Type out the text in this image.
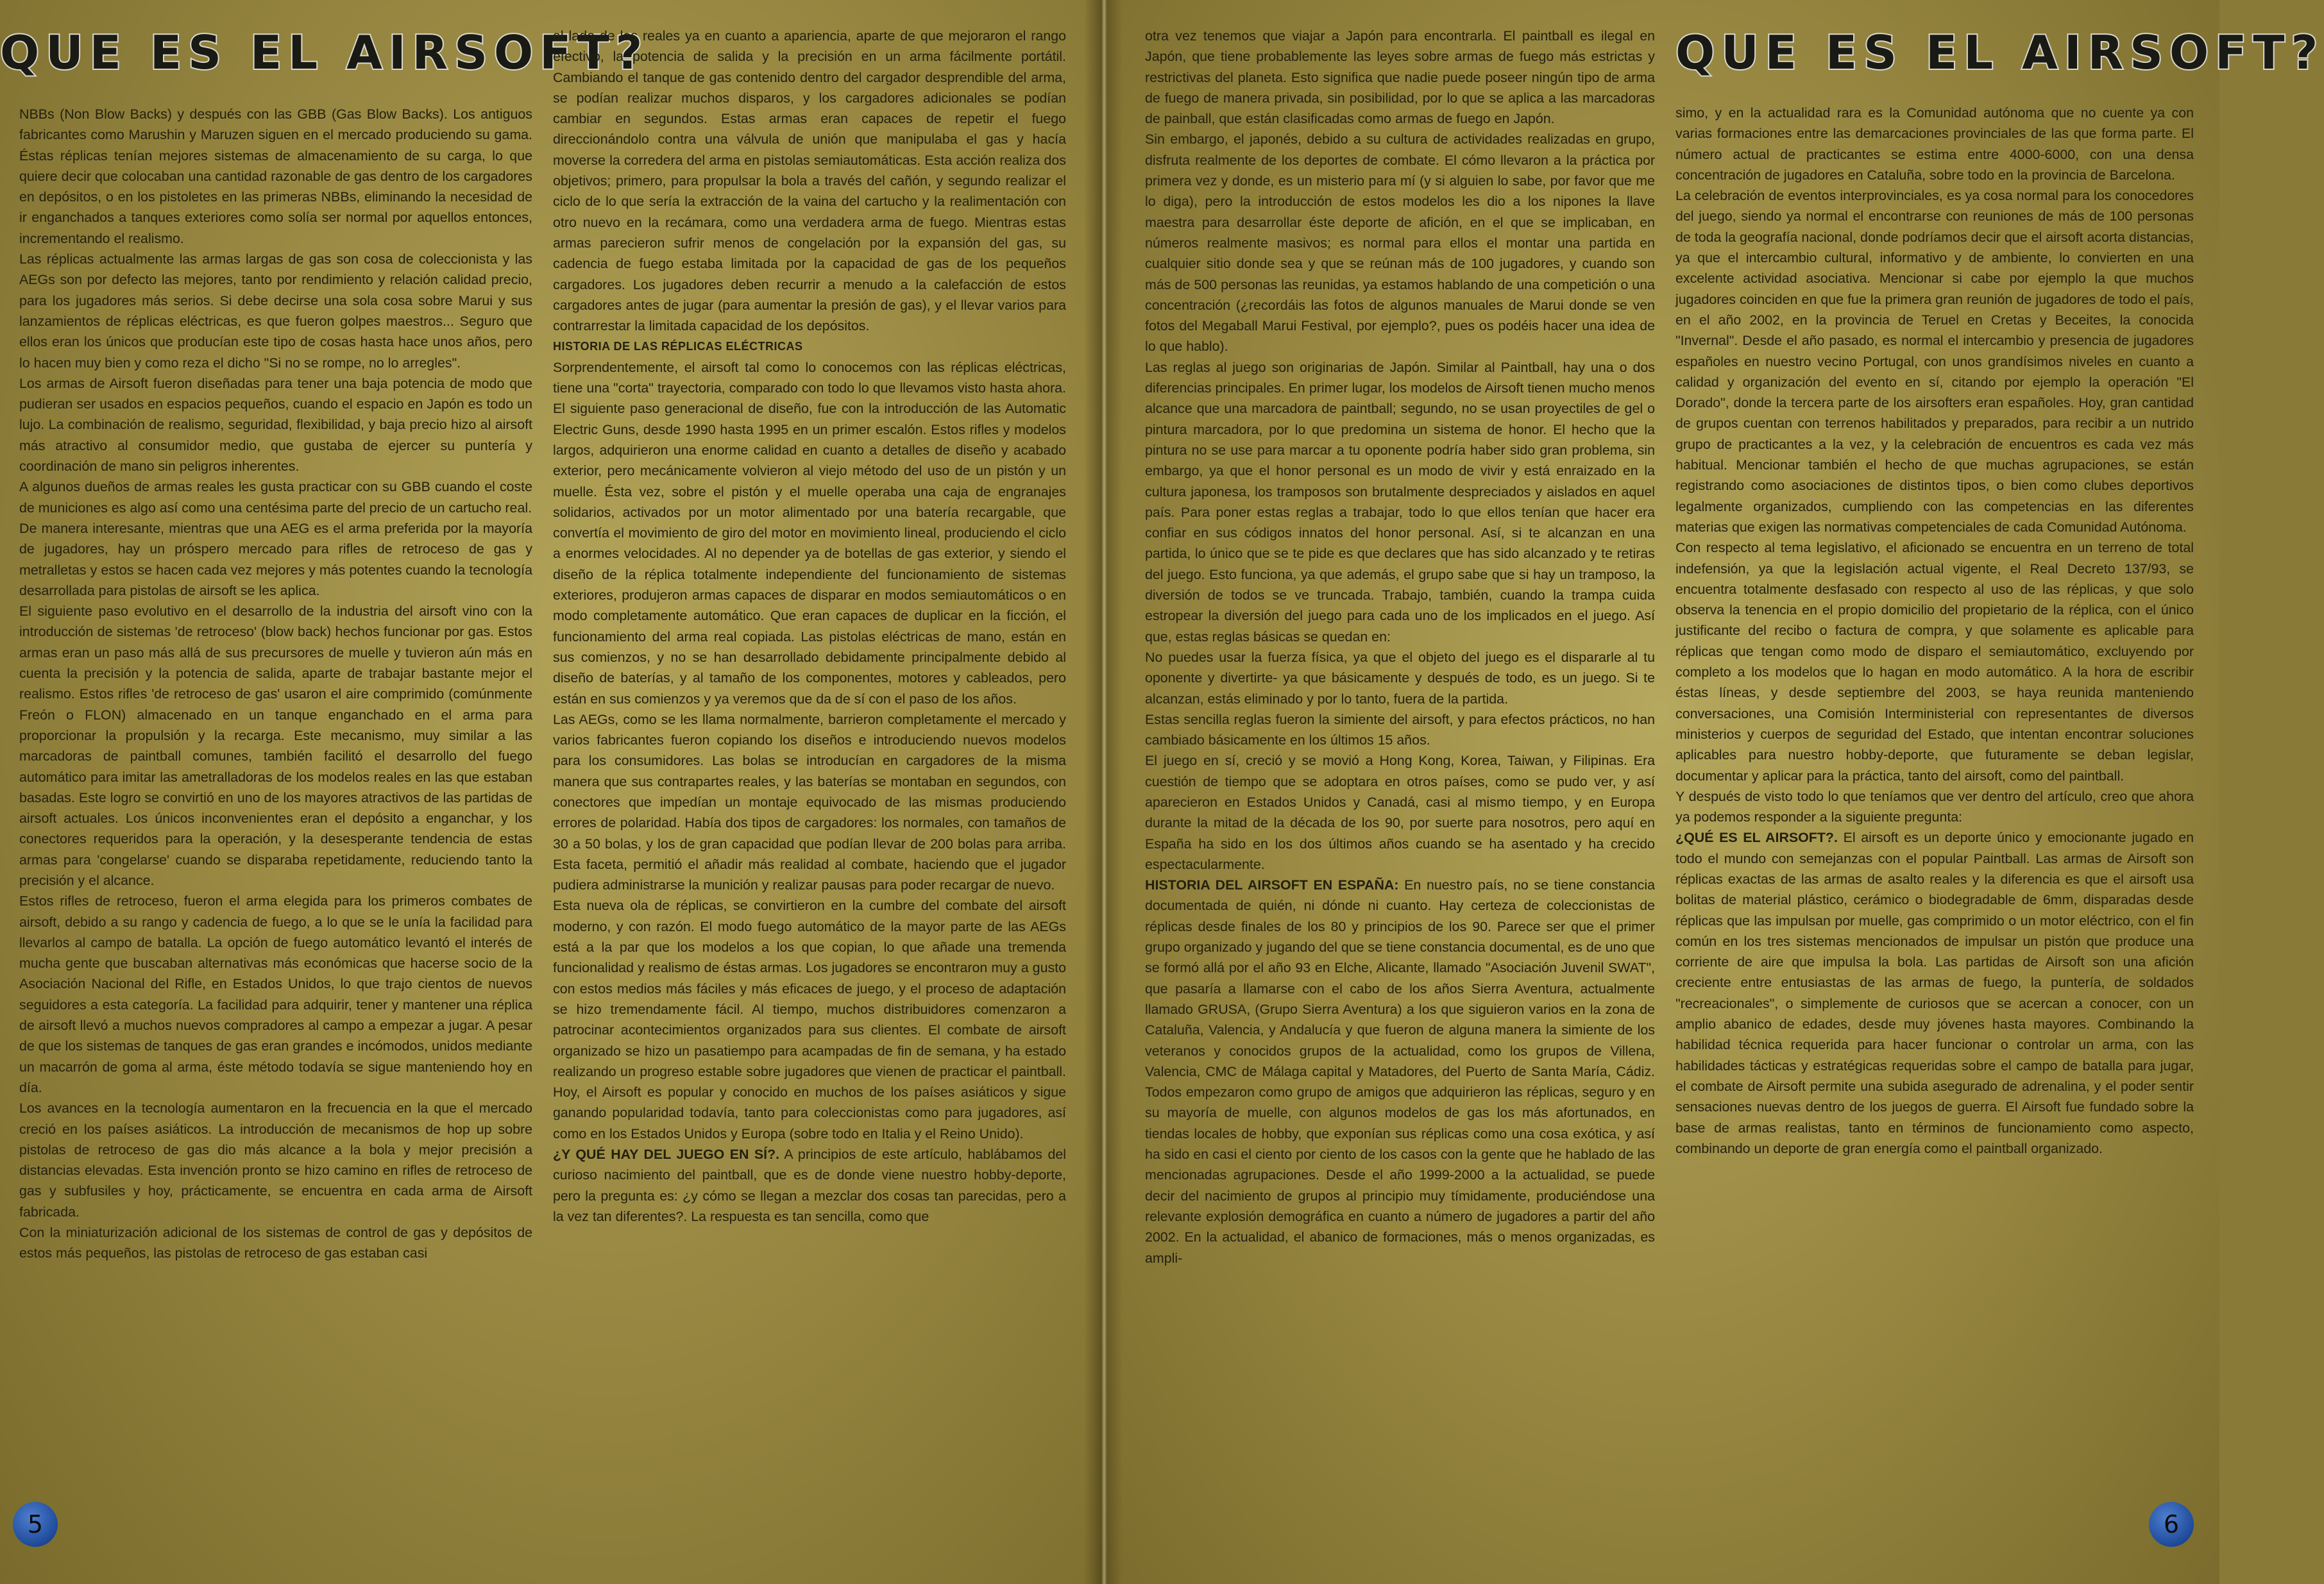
QUE ES EL AIRSOFT?

NBBs (Non Blow Backs) y después con las GBB (Gas Blow Backs). Los antiguos fabricantes como Marushin y Maruzen siguen en el mercado produciendo su gama. Éstas réplicas tenían mejores sistemas de almacenamiento de su carga, lo que quiere decir que colocaban una cantidad razonable de gas dentro de los cargadores en depósitos, o en los pistoletes en las primeras NBBs, eliminando la necesidad de ir enganchados a tanques exteriores como solía ser normal por aquellos entonces, incrementando el realismo.

Las réplicas actualmente las armas largas de gas son cosa de coleccionista y las AEGs son por defecto las mejores, tanto por rendimiento y relación calidad precio, para los jugadores más serios. Si debe decirse una sola cosa sobre Marui y sus lanzamientos de réplicas eléctricas, es que fueron golpes maestros... Seguro que ellos eran los únicos que producían este tipo de cosas hasta hace unos años, pero lo hacen muy bien y como reza el dicho "Si no se rompe, no lo arregles".

Los armas de Airsoft fueron diseñadas para tener una baja potencia de modo que pudieran ser usados en espacios pequeños, cuando el espacio en Japón es todo un lujo. La combinación de realismo, seguridad, flexibilidad, y baja precio hizo al airsoft más atractivo al consumidor medio, que gustaba de ejercer su puntería y coordinación de mano sin peligros inherentes.

A algunos dueños de armas reales les gusta practicar con su GBB cuando el coste de municiones es algo así como una centésima parte del precio de un cartucho real.

De manera interesante, mientras que una AEG es el arma preferida por la mayoría de jugadores, hay un próspero mercado para rifles de retroceso de gas y metralletas y estos se hacen cada vez mejores y más potentes cuando la tecnología desarrollada para pistolas de airsoft se les aplica.

El siguiente paso evolutivo en el desarrollo de la industria del airsoft vino con la introducción de sistemas 'de retroceso' (blow back) hechos funcionar por gas. Estos armas eran un paso más allá de sus precursores de muelle y tuvieron aún más en cuenta la precisión y la potencia de salida, aparte de trabajar bastante mejor el realismo. Estos rifles 'de retroceso de gas' usaron el aire comprimido (comúnmente Freón o FLON) almacenado en un tanque enganchado en el arma para proporcionar la propulsión y la recarga. Este mecanismo, muy similar a las marcadoras de paintball comunes, también facilitó el desarrollo del fuego automático para imitar las ametralladoras de los modelos reales en las que estaban basadas. Este logro se convirtió en uno de los mayores atractivos de las partidas de airsoft actuales. Los únicos inconvenientes eran el depósito a enganchar, y los conectores requeridos para la operación, y la desesperante tendencia de estas armas para 'congelarse' cuando se disparaba repetidamente, reduciendo tanto la precisión y el alcance.

Estos rifles de retroceso, fueron el arma elegida para los primeros combates de airsoft, debido a su rango y cadencia de fuego, a lo que se le unía la facilidad para llevarlos al campo de batalla. La opción de fuego automático levantó el interés de mucha gente que buscaban alternativas más económicas que hacerse socio de la Asociación Nacional del Rifle, en Estados Unidos, lo que trajo cientos de nuevos seguidores a esta categoría. La facilidad para adquirir, tener y mantener una réplica de airsoft llevó a muchos nuevos compradores al campo a empezar a jugar. A pesar de que los sistemas de tanques de gas eran grandes e incómodos, unidos mediante un macarrón de goma al arma, éste método todavía se sigue manteniendo hoy en día.

Los avances en la tecnología aumentaron en la frecuencia en la que el mercado creció en los países asiáticos. La introducción de mecanismos de hop up sobre pistolas de retroceso de gas dio más alcance a la bola y mejor precisión a distancias elevadas. Esta invención pronto se hizo camino en rifles de retroceso de gas y subfusiles y hoy, prácticamente, se encuentra en cada arma de Airsoft fabricada.

Con la miniaturización adicional de los sistemas de control de gas y depósitos de estos más pequeños, las pistolas de retroceso de gas estaban casi

al lado de las reales ya en cuanto a apariencia, aparte de que mejoraron el rango efectivo, la potencia de salida y la precisión en un arma fácilmente portátil. Cambiando el tanque de gas contenido dentro del cargador desprendible del arma, se podían realizar muchos disparos, y los cargadores adicionales se podían cambiar en segundos. Estas armas eran capaces de repetir el fuego direccionándolo contra una válvula de unión que manipulaba el gas y hacía moverse la corredera del arma en pistolas semiautomáticas. Esta acción realiza dos objetivos; primero, para propulsar la bola a través del cañón, y segundo realizar el ciclo de lo que sería la extracción de la vaina del cartucho y la realimentación con otro nuevo en la recámara, como una verdadera arma de fuego. Mientras estas armas parecieron sufrir menos de congelación por la expansión del gas, su cadencia de fuego estaba limitada por la capacidad de gas de los pequeños cargadores. Los jugadores deben recurrir a menudo a la calefacción de estos cargadores antes de jugar (para aumentar la presión de gas), y el llevar varios para contrarrestar la limitada capacidad de los depósitos.

HISTORIA DE LAS RÉPLICAS ELÉCTRICAS

Sorprendentemente, el airsoft tal como lo conocemos con las réplicas eléctricas, tiene una "corta" trayectoria, comparado con todo lo que llevamos visto hasta ahora. El siguiente paso generacional de diseño, fue con la introducción de las Automatic Electric Guns, desde 1990 hasta 1995 en un primer escalón. Estos rifles y modelos largos, adquirieron una enorme calidad en cuanto a detalles de diseño y acabado exterior, pero mecánicamente volvieron al viejo método del uso de un pistón y un muelle. Ésta vez, sobre el pistón y el muelle operaba una caja de engranajes solidarios, activados por un motor alimentado por una batería recargable, que convertía el movimiento de giro del motor en movimiento lineal, produciendo el ciclo a enormes velocidades. Al no depender ya de botellas de gas exterior, y siendo el diseño de la réplica totalmente independiente del funcionamiento de sistemas exteriores, produjeron armas capaces de disparar en modos semiautomáticos o en modo completamente automático. Que eran capaces de duplicar en la ficción, el funcionamiento del arma real copiada. Las pistolas eléctricas de mano, están en sus comienzos, y no se han desarrollado debidamente principalmente debido al diseño de baterías, y al tamaño de los componentes, motores y cableados, pero están en sus comienzos y ya veremos que da de sí con el paso de los años.

Las AEGs, como se les llama normalmente, barrieron completamente el mercado y varios fabricantes fueron copiando los diseños e introduciendo nuevos modelos para los consumidores. Las bolas se introducían en cargadores de la misma manera que sus contrapartes reales, y las baterías se montaban en segundos, con conectores que impedían un montaje equivocado de las mismas produciendo errores de polaridad. Había dos tipos de cargadores: los normales, con tamaños de 30 a 50 bolas, y los de gran capacidad que podían llevar de 200 bolas para arriba. Esta faceta, permitió el añadir más realidad al combate, haciendo que el jugador pudiera administrarse la munición y realizar pausas para poder recargar de nuevo.

Esta nueva ola de réplicas, se convirtieron en la cumbre del combate del airsoft moderno, y con razón. El modo fuego automático de la mayor parte de las AEGs está a la par que los modelos a los que copian, lo que añade una tremenda funcionalidad y realismo de éstas armas. Los jugadores se encontraron muy a gusto con estos medios más fáciles y más eficaces de juego, y el proceso de adaptación se hizo tremendamente fácil. Al tiempo, muchos distribuidores comenzaron a patrocinar acontecimientos organizados para sus clientes. El combate de airsoft organizado se hizo un pasatiempo para acampadas de fin de semana, y ha estado realizando un progreso estable sobre jugadores que vienen de practicar el paintball. Hoy, el Airsoft es popular y conocido en muchos de los países asiáticos y sigue ganando popularidad todavía, tanto para coleccionistas como para jugadores, así como en los Estados Unidos y Europa (sobre todo en Italia y el Reino Unido).

¿Y QUÉ HAY DEL JUEGO EN SÍ?. A principios de este artículo, hablábamos del curioso nacimiento del paintball, que es de donde viene nuestro hobby-deporte, pero la pregunta es: ¿y cómo se llegan a mezclar dos cosas tan parecidas, pero a la vez tan diferentes?. La respuesta es tan sencilla, como que

5

otra vez tenemos que viajar a Japón para encontrarla. El paintball es ilegal en Japón, que tiene probablemente las leyes sobre armas de fuego más estrictas y restrictivas del planeta. Esto significa que nadie puede poseer ningún tipo de arma de fuego de manera privada, sin posibilidad, por lo que se aplica a las marcadoras de painball, que están clasificadas como armas de fuego en Japón.

Sin embargo, el japonés, debido a su cultura de actividades realizadas en grupo, disfruta realmente de los deportes de combate. El cómo llevaron a la práctica por primera vez y donde, es un misterio para mí (y si alguien lo sabe, por favor que me lo diga), pero la introducción de estos modelos les dio a los nipones la llave maestra para desarrollar éste deporte de afición, en el que se implicaban, en números realmente masivos; es normal para ellos el montar una partida en cualquier sitio donde sea y que se reúnan más de 100 jugadores, y cuando son más de 500 personas las reunidas, ya estamos hablando de una competición o una concentración (¿recordáis las fotos de algunos manuales de Marui donde se ven fotos del Megaball Marui Festival, por ejemplo?, pues os podéis hacer una idea de lo que hablo).

Las reglas al juego son originarias de Japón. Similar al Paintball, hay una o dos diferencias principales. En primer lugar, los modelos de Airsoft tienen mucho menos alcance que una marcadora de paintball; segundo, no se usan proyectiles de gel o pintura marcadora, por lo que predomina un sistema de honor. El hecho que la pintura no se use para marcar a tu oponente podría haber sido gran problema, sin embargo, ya que el honor personal es un modo de vivir y está enraizado en la cultura japonesa, los tramposos son brutalmente despreciados y aislados en aquel país. Para poner estas reglas a trabajar, todo lo que ellos tenían que hacer era confiar en sus códigos innatos del honor personal. Así, si te alcanzan en una partida, lo único que se te pide es que declares que has sido alcanzado y te retiras del juego. Esto funciona, ya que además, el grupo sabe que si hay un tramposo, la diversión de todos se ve truncada. Trabajo, también, cuando la trampa cuida estropear la diversión del juego para cada uno de los implicados en el juego. Así que, estas reglas básicas se quedan en:

No puedes usar la fuerza física, ya que el objeto del juego es el dispararle al tu oponente y divertirte- ya que básicamente y después de todo, es un juego. Si te alcanzan, estás eliminado y por lo tanto, fuera de la partida.

Estas sencilla reglas fueron la simiente del airsoft, y para efectos prácticos, no han cambiado básicamente en los últimos 15 años.

El juego en sí, creció y se movió a Hong Kong, Korea, Taiwan, y Filipinas. Era cuestión de tiempo que se adoptara en otros países, como se pudo ver, y así aparecieron en Estados Unidos y Canadá, casi al mismo tiempo, y en Europa durante la mitad de la década de los 90, por suerte para nosotros, pero aquí en España ha sido en los dos últimos años cuando se ha asentado y ha crecido espectacularmente.

HISTORIA DEL AIRSOFT EN ESPAÑA: En nuestro país, no se tiene constancia documentada de quién, ni dónde ni cuanto. Hay certeza de coleccionistas de réplicas desde finales de los 80 y principios de los 90. Parece ser que el primer grupo organizado y jugando del que se tiene constancia documental, es de uno que se formó allá por el año 93 en Elche, Alicante, llamado "Asociación Juvenil SWAT", que pasaría a llamarse con el cabo de los años Sierra Aventura, actualmente llamado GRUSA, (Grupo Sierra Aventura) a los que siguieron varios en la zona de Cataluña, Valencia, y Andalucía y que fueron de alguna manera la simiente de los veteranos y conocidos grupos de la actualidad, como los grupos de Villena, Valencia, CMC de Málaga capital y Matadores, del Puerto de Santa María, Cádiz. Todos empezaron como grupo de amigos que adquirieron las réplicas, seguro y en su mayoría de muelle, con algunos modelos de gas los más afortunados, en tiendas locales de hobby, que exponían sus réplicas como una cosa exótica, y así ha sido en casi el ciento por ciento de los casos con la gente que he hablado de las mencionadas agrupaciones. Desde el año 1999-2000 a la actualidad, se puede decir del nacimiento de grupos al principio muy tímidamente, produciéndose una relevante explosión demográfica en cuanto a número de jugadores a partir del año 2002. En la actualidad, el abanico de formaciones, más o menos organizadas, es ampli-

QUE ES EL AIRSOFT?

simo, y en la actualidad rara es la Comunidad autónoma que no cuente ya con varias formaciones entre las demarcaciones provinciales de las que forma parte. El número actual de practicantes se estima entre 4000-6000, con una densa concentración de jugadores en Cataluña, sobre todo en la provincia de Barcelona.

La celebración de eventos interprovinciales, es ya cosa normal para los conocedores del juego, siendo ya normal el encontrarse con reuniones de más de 100 personas de toda la geografía nacional, donde podríamos decir que el airsoft acorta distancias, ya que el intercambio cultural, informativo y de ambiente, lo convierten en una excelente actividad asociativa. Mencionar si cabe por ejemplo la que muchos jugadores coinciden en que fue la primera gran reunión de jugadores de todo el país, en el año 2002, en la provincia de Teruel en Cretas y Beceites, la conocida "Invernal". Desde el año pasado, es normal el intercambio y presencia de jugadores españoles en nuestro vecino Portugal, con unos grandísimos niveles en cuanto a calidad y organización del evento en sí, citando por ejemplo la operación "El Dorado", donde la tercera parte de los airsofters eran españoles. Hoy, gran cantidad de grupos cuentan con terrenos habilitados y preparados, para recibir a un nutrido grupo de practicantes a la vez, y la celebración de encuentros es cada vez más habitual. Mencionar también el hecho de que muchas agrupaciones, se están registrando como asociaciones de distintos tipos, o bien como clubes deportivos legalmente organizados, cumpliendo con las competencias en las diferentes materias que exigen las normativas competenciales de cada Comunidad Autónoma.

Con respecto al tema legislativo, el aficionado se encuentra en un terreno de total indefensión, ya que la legislación actual vigente, el Real Decreto 137/93, se encuentra totalmente desfasado con respecto al uso de las réplicas, y que solo observa la tenencia en el propio domicilio del propietario de la réplica, con el único justificante del recibo o factura de compra, y que solamente es aplicable para réplicas que tengan como modo de disparo el semiautomático, excluyendo por completo a los modelos que lo hagan en modo automático. A la hora de escribir éstas líneas, y desde septiembre del 2003, se haya reunida manteniendo conversaciones, una Comisión Interministerial con representantes de diversos ministerios y cuerpos de seguridad del Estado, que intentan encontrar soluciones aplicables para nuestro hobby-deporte, que futuramente se deban legislar, documentar y aplicar para la práctica, tanto del airsoft, como del paintball.

Y después de visto todo lo que teníamos que ver dentro del artículo, creo que ahora ya podemos responder a la siguiente pregunta:

¿QUÉ ES EL AIRSOFT?. El airsoft es un deporte único y emocionante jugado en todo el mundo con semejanzas con el popular Paintball. Las armas de Airsoft son réplicas exactas de las armas de asalto reales y la diferencia es que el airsoft usa bolitas de material plástico, cerámico o biodegradable de 6mm, disparadas desde réplicas que las impulsan por muelle, gas comprimido o un motor eléctrico, con el fin común en los tres sistemas mencionados de impulsar un pistón que produce una corriente de aire que impulsa la bola. Las partidas de Airsoft son una afición creciente entre entusiastas de las armas de fuego, la puntería, de soldados "recreacionales", o simplemente de curiosos que se acercan a conocer, con un amplio abanico de edades, desde muy jóvenes hasta mayores. Combinando la habilidad técnica requerida para hacer funcionar o controlar un arma, con las habilidades tácticas y estratégicas requeridas sobre el campo de batalla para jugar, el combate de Airsoft permite una subida asegurado de adrenalina, y el poder sentir sensaciones nuevas dentro de los juegos de guerra. El Airsoft fue fundado sobre la base de armas realistas, tanto en términos de funcionamiento como aspecto, combinando un deporte de gran energía como el paintball organizado.

6
